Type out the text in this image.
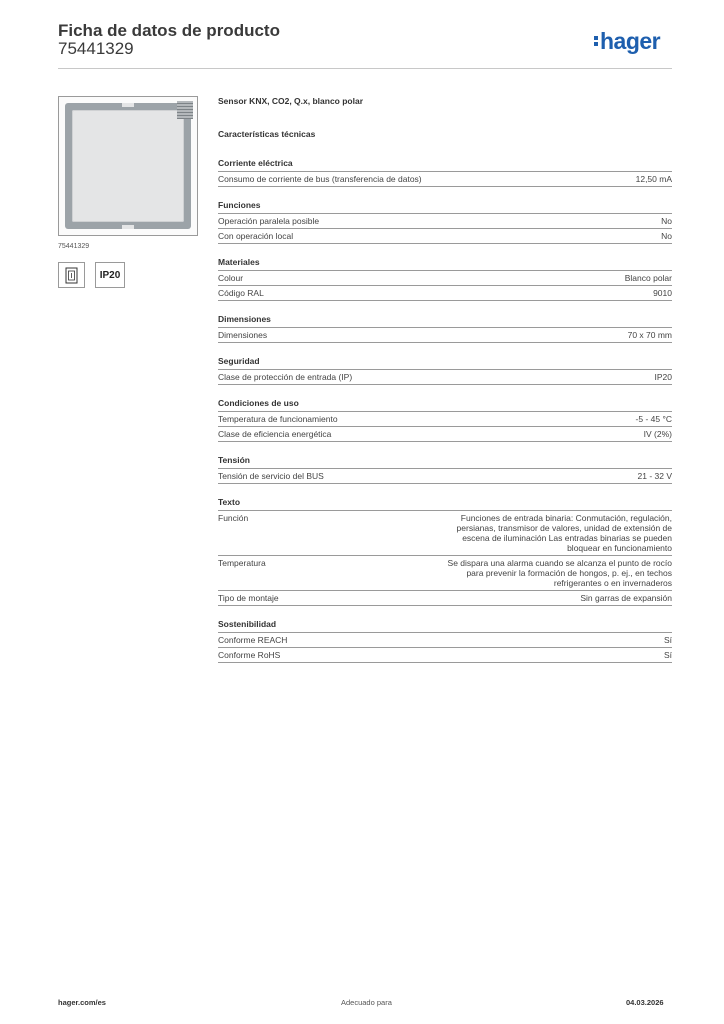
Ficha de datos de producto
75441329	hager
75441329
IP20
Sensor KNX, CO2, Q.x, blanco polar
Características técnicas
Corriente eléctrica
Consumo de corriente de bus (transferencia de datos)	12,50 mA
Funciones
Operación paralela posible	No
Con operación local	No
Materiales
Colour	Blanco polar
Código RAL	9010
Dimensiones
Dimensiones	70 x 70 mm
Seguridad
Clase de protección de entrada (IP)	IP20
Condiciones de uso
Temperatura de funcionamiento	-5 - 45 °C
Clase de eficiencia energética	IV (2%)
Tensión
Tensión de servicio del BUS	21 - 32 V
Texto
Función	Funciones de entrada binaria: Conmutación, regulación, persianas, transmisor de valores, unidad de extensión de escena de iluminación Las entradas binarias se pueden bloquear en funcionamiento
Temperatura	Se dispara una alarma cuando se alcanza el punto de rocío para prevenir la formación de hongos, p. ej., en techos refrigerantes o en invernaderos
Tipo de montaje	Sin garras de expansión
Sostenibilidad
Conforme REACH	Sí
Conforme RoHS	Sí
hager.com/es	Adecuado para	04.03.2026
